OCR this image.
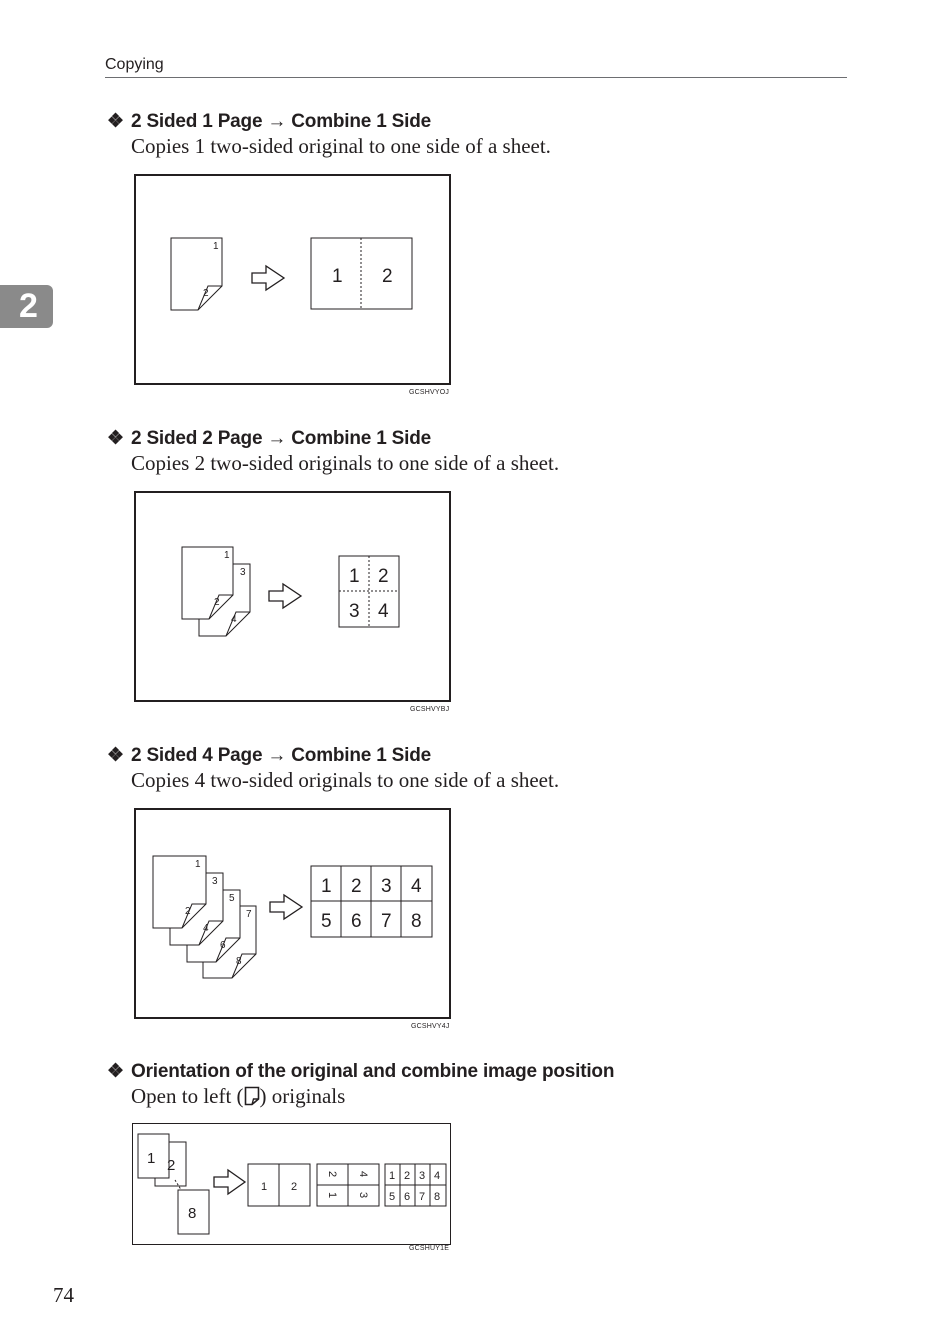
Copying
2
❖ 2 Sided 1 Page → Combine 1 Side
Copies 1 two-sided original to one side of a sheet.
1
2
1 2
GCSHVYOJ
❖ 2 Sided 2 Page → Combine 1 Side
Copies 2 two-sided originals to one side of a sheet.
3
4
1
2
1 2
3 4
GCSHVYBJ
❖ 2 Sided 4 Page → Combine 1 Side
Copies 4 two-sided originals to one side of a sheet.
7
8
5
6
3
4
1
2
1 2 3 4
5 6 7 8
GCSHVY4J
❖ Orientation of the original and combine image position
Open to left ( ) originals
1 2
8
1 2
2 4
1 3
1 2 3 4
5 6 7 8
GCSHUY1E
74
